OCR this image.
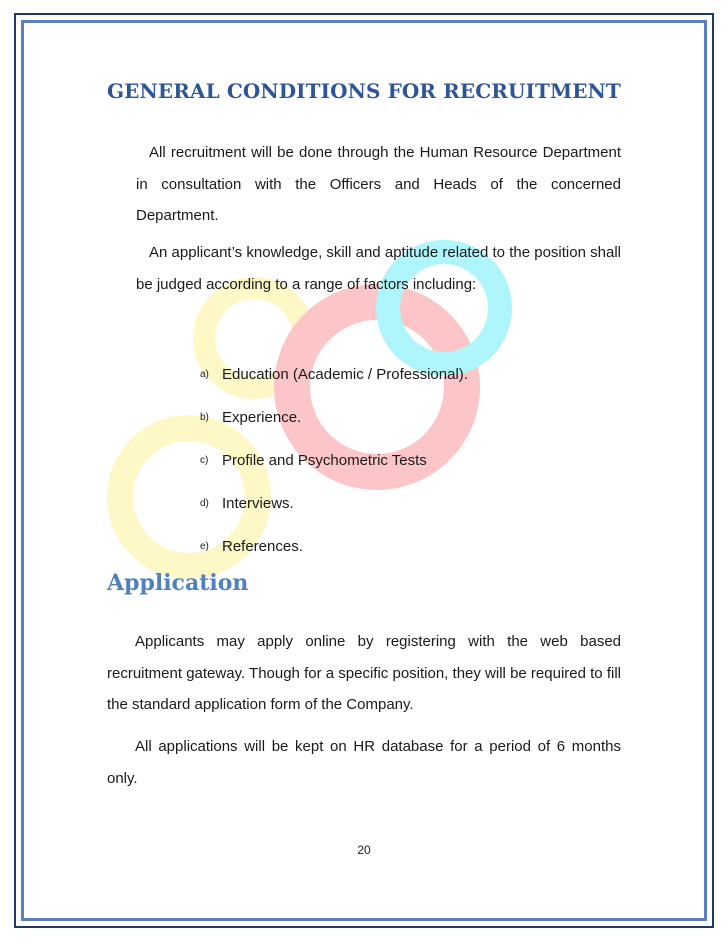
GENERAL CONDITIONS FOR RECRUITMENT

All recruitment will be done through the Human Resource Department in consultation with the Officers and Heads of the concerned Department.

An applicant’s knowledge, skill and aptitude related to the position shall be judged according to a range of factors including:

a) Education (Academic / Professional).
b) Experience.
c) Profile and Psychometric Tests
d) Interviews.
e) References.
Application

Applicants may apply online by registering with the web based recruitment gateway. Though for a specific position, they will be required to fill the standard application form of the Company.

All applications will be kept on HR database for a period of 6 months only.

20
